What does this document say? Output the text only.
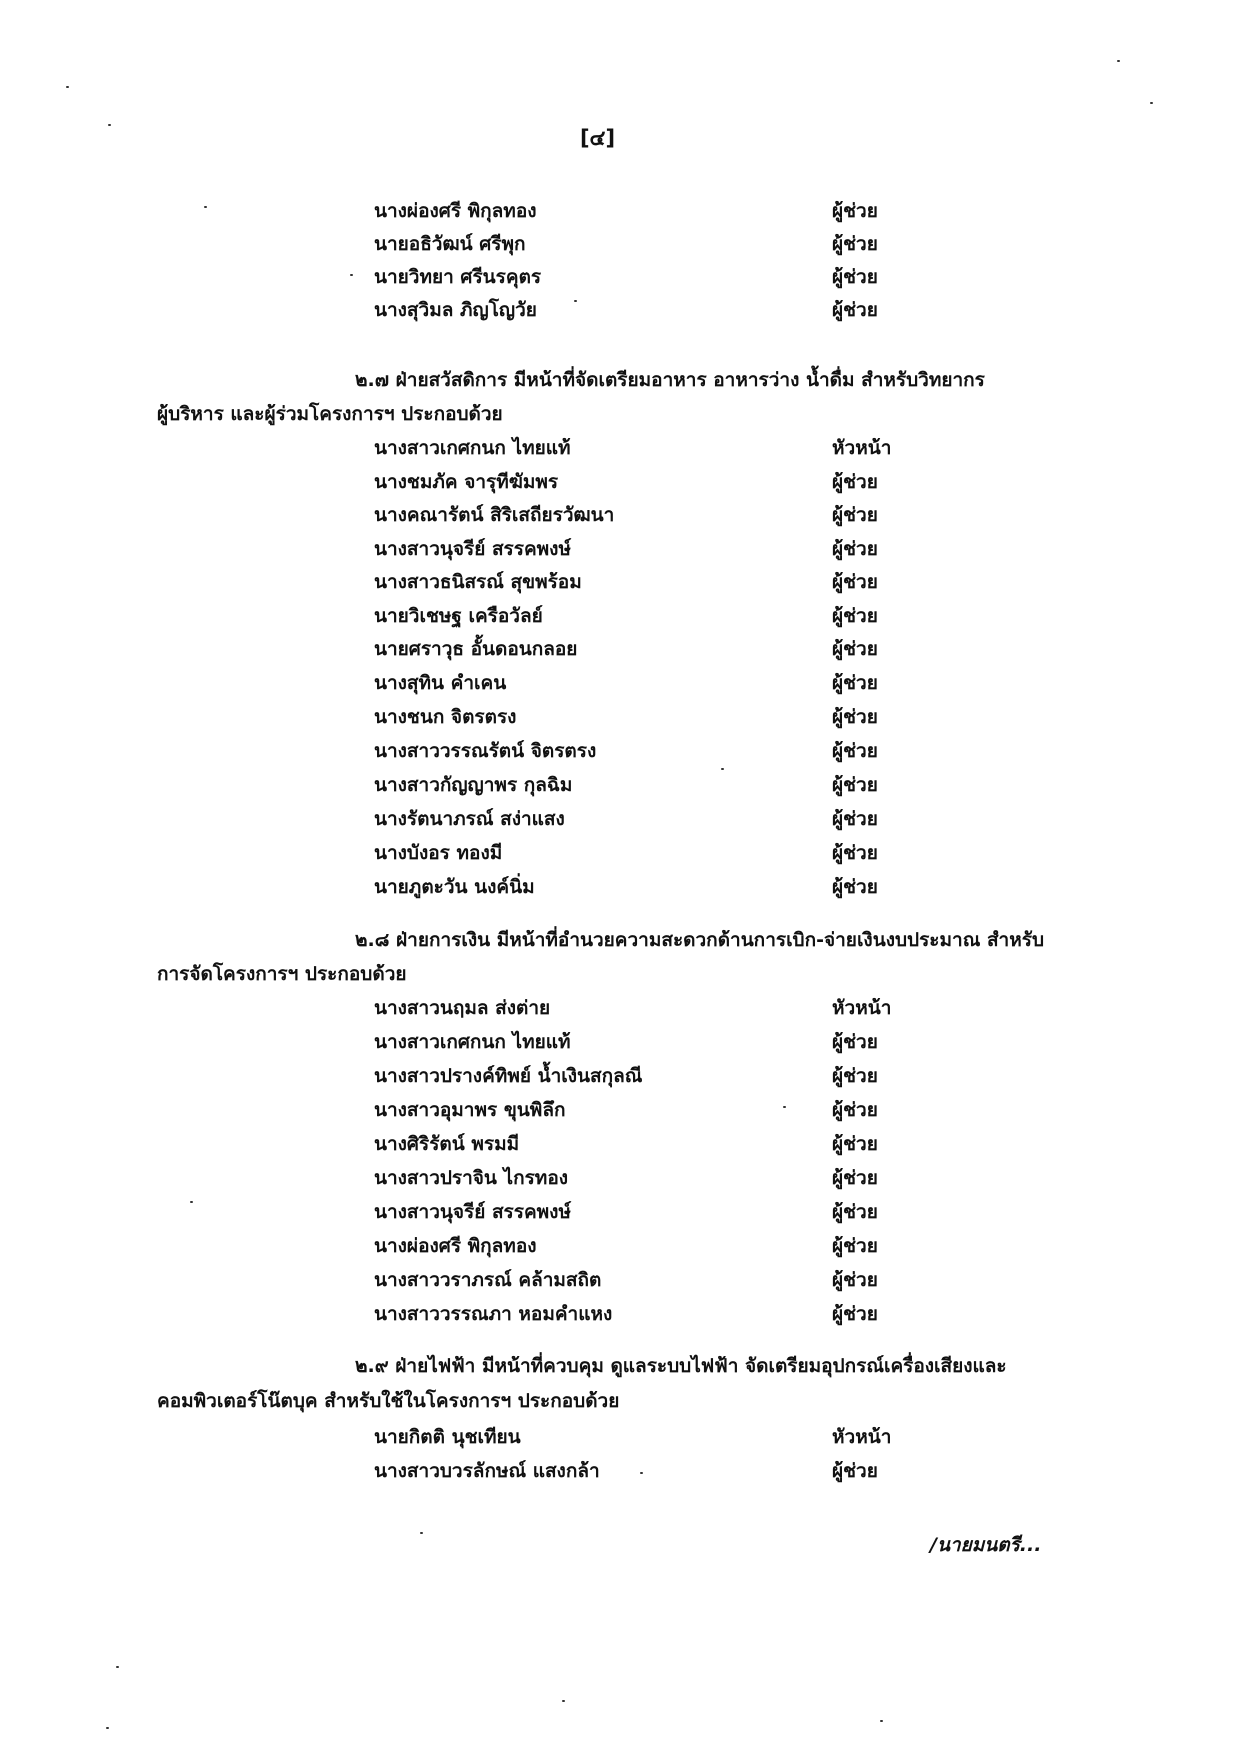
[๔]
นางผ่องศรี พิกุลทอง	ผู้ช่วย
นายอธิวัฒน์ ศรีพุก	ผู้ช่วย
นายวิทยา ศรีนรคุตร	ผู้ช่วย
นางสุวิมล ภิญโญวัย	ผู้ช่วย
๒.๗ ฝ่ายสวัสดิการ มีหน้าที่จัดเตรียมอาหาร อาหารว่าง น้ำดื่ม สำหรับวิทยากร
ผู้บริหาร และผู้ร่วมโครงการฯ ประกอบด้วย
นางสาวเกศกนก ไทยแท้	หัวหน้า
นางชมภัค จารุทีฆัมพร	ผู้ช่วย
นางคณารัตน์ สิริเสถียรวัฒนา	ผู้ช่วย
นางสาวนุจรีย์ สรรคพงษ์	ผู้ช่วย
นางสาวธนิสรณ์ สุขพร้อม	ผู้ช่วย
นายวิเชษฐ เครือวัลย์	ผู้ช่วย
นายศราวุธ อั้นดอนกลอย	ผู้ช่วย
นางสุทิน คำเคน	ผู้ช่วย
นางชนก จิตรตรง	ผู้ช่วย
นางสาววรรณรัตน์ จิตรตรง	ผู้ช่วย
นางสาวกัญญาพร กุลฉิม	ผู้ช่วย
นางรัตนาภรณ์ สง่าแสง	ผู้ช่วย
นางบังอร ทองมี	ผู้ช่วย
นายภูตะวัน นงค์นิ่ม	ผู้ช่วย
๒.๘ ฝ่ายการเงิน มีหน้าที่อำนวยความสะดวกด้านการเบิก-จ่ายเงินงบประมาณ สำหรับ
การจัดโครงการฯ ประกอบด้วย
นางสาวนฤมล ส่งต่าย	หัวหน้า
นางสาวเกศกนก ไทยแท้	ผู้ช่วย
นางสาวปรางค์ทิพย์ น้ำเงินสกุลณี	ผู้ช่วย
นางสาวอุมาพร ขุนพิลึก	ผู้ช่วย
นางศิริรัตน์ พรมมี	ผู้ช่วย
นางสาวปราจิน ไกรทอง	ผู้ช่วย
นางสาวนุจรีย์ สรรคพงษ์	ผู้ช่วย
นางผ่องศรี พิกุลทอง	ผู้ช่วย
นางสาววราภรณ์ คล้ามสถิต	ผู้ช่วย
นางสาววรรณภา หอมคำแหง	ผู้ช่วย
๒.๙ ฝ่ายไฟฟ้า มีหน้าที่ควบคุม ดูแลระบบไฟฟ้า จัดเตรียมอุปกรณ์เครื่องเสียงและ
คอมพิวเตอร์โน๊ตบุค สำหรับใช้ในโครงการฯ ประกอบด้วย
นายกิตติ นุชเทียน	หัวหน้า
นางสาวบวรลักษณ์ แสงกล้า	ผู้ช่วย
/นายมนตรี...
